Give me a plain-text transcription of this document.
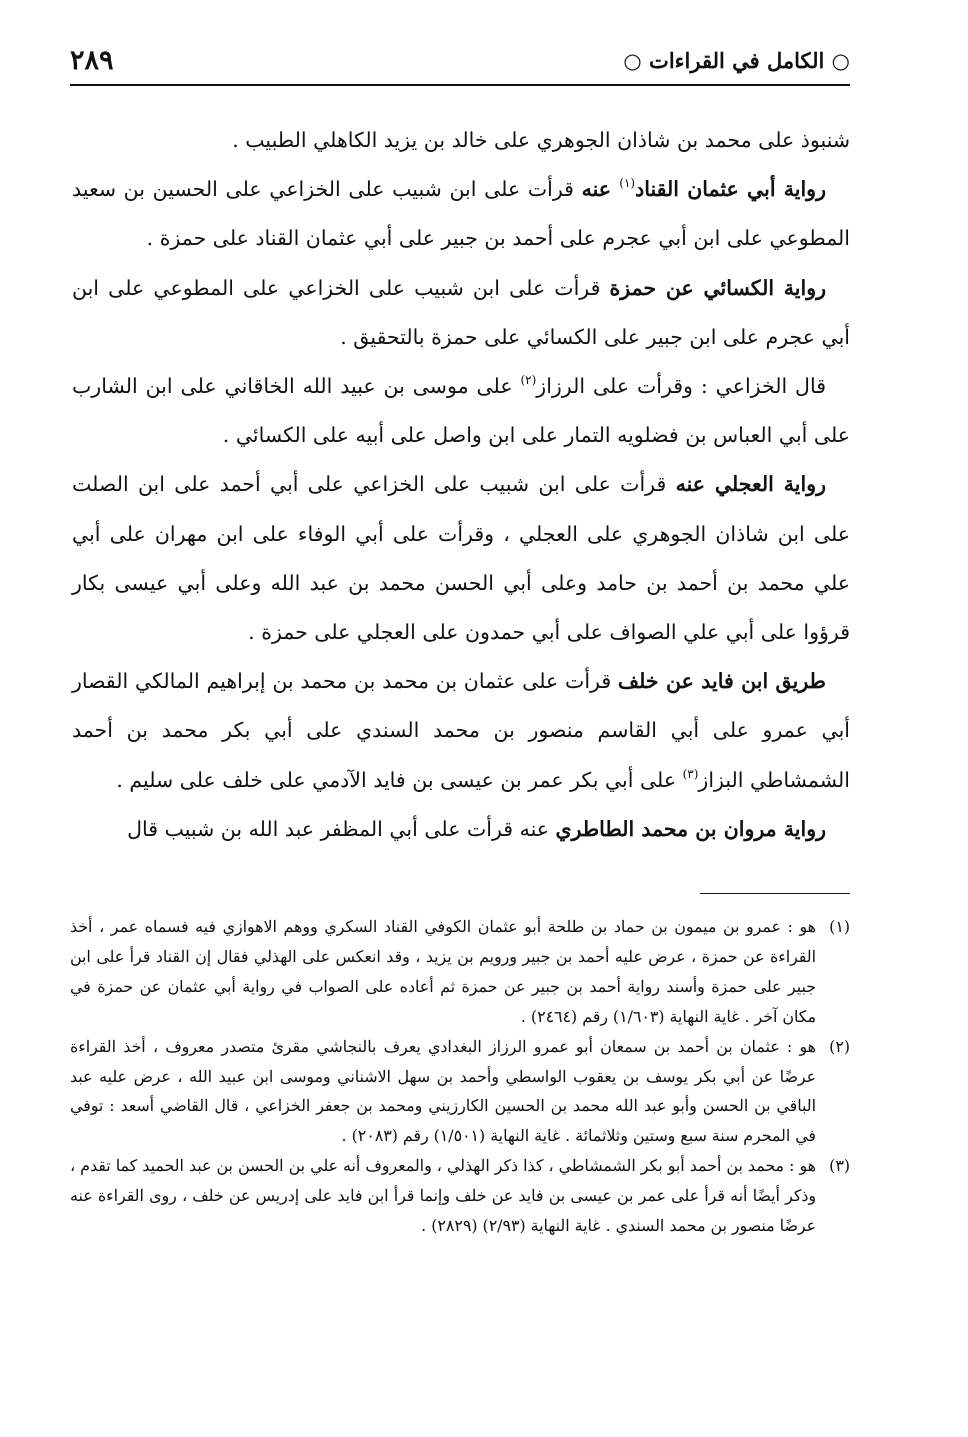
٢٨٩	○ الكامل في القراءات ○

شنبوذ على محمد بن شاذان الجوهري على خالد بن يزيد الكاهلي الطبيب .

رواية أبي عثمان القناد$^{(١)}$ عنه قرأت على ابن شبيب على الخزاعي على الحسين بن سعيد المطوعي على ابن أبي عجرم على أحمد بن جبير على أبي عثمان القناد على حمزة .

رواية الكسائي عن حمزة قرأت على ابن شبيب على الخزاعي على المطوعي على ابن أبي عجرم على ابن جبير على الكسائي على حمزة بالتحقيق .

قال الخزاعي : وقرأت على الرزاز$^{(٢)}$ على موسى بن عبيد الله الخاقاني على ابن الشارب على أبي العباس بن فضلويه التمار على ابن واصل على أبيه على الكسائي .

رواية العجلي عنه قرأت على ابن شبيب على الخزاعي على أبي أحمد على ابن الصلت على ابن شاذان الجوهري على العجلي ، وقرأت على أبي الوفاء على ابن مهران على أبي علي محمد بن أحمد بن حامد وعلى أبي الحسن محمد بن عبد الله وعلى أبي عيسى بكار قرؤوا على أبي علي الصواف على أبي حمدون على العجلي على حمزة .

طريق ابن فايد عن خلف قرأت على عثمان بن محمد بن محمد بن إبراهيم المالكي القصار أبي عمرو على أبي القاسم منصور بن محمد السندي على أبي بكر محمد بن أحمد الشمشاطي البزاز$^{(٣)}$ على أبي بكر عمر بن عيسى بن فايد الآدمي على خلف على سليم .

رواية مروان بن محمد الطاطري عنه قرأت على أبي المظفر عبد الله بن شبيب قال

(١)
هو : عمرو بن ميمون بن حماد بن طلحة أبو عثمان الكوفي القناد السكري ووهم الاهوازي فيه فسماه عمر ، أخذ القراءة عن حمزة ، عرض عليه أحمد بن جبير ورويم بن يزيد ، وقد انعكس على الهذلي فقال إن القناد قرأ على ابن جبير على حمزة وأسند رواية أحمد بن جبير عن حمزة ثم أعاده على الصواب في رواية أبي عثمان عن حمزة في مكان آخر . غاية النهاية (١/٦٠٣) رقم (٢٤٦٤) .

(٢)
هو : عثمان بن أحمد بن سمعان أبو عمرو الرزاز البغدادي يعرف بالنجاشي مقرئ متصدر معروف ، أخذ القراءة عرضًا عن أبي بكر يوسف بن يعقوب الواسطي وأحمد بن سهل الاشناني وموسى ابن عبيد الله ، عرض عليه عبد الباقي بن الحسن وأبو عبد الله محمد بن الحسين الكارزيني ومحمد بن جعفر الخزاعي ، قال القاضي أسعد : توفي في المحرم سنة سبع وستين وثلاثمائة . غاية النهاية (١/٥٠١) رقم (٢٠٨٣) .

(٣)
هو : محمد بن أحمد أبو بكر الشمشاطي ، كذا ذكر الهذلي ، والمعروف أنه علي بن الحسن بن عبد الحميد كما تقدم ، وذكر أيضًا أنه قرأ على عمر بن عيسى بن فايد عن خلف وإنما قرأ ابن فايد على إدريس عن خلف ، روى القراءة عنه عرضًا منصور بن محمد السندي . غاية النهاية (٢/٩٣) (٢٨٢٩) .
